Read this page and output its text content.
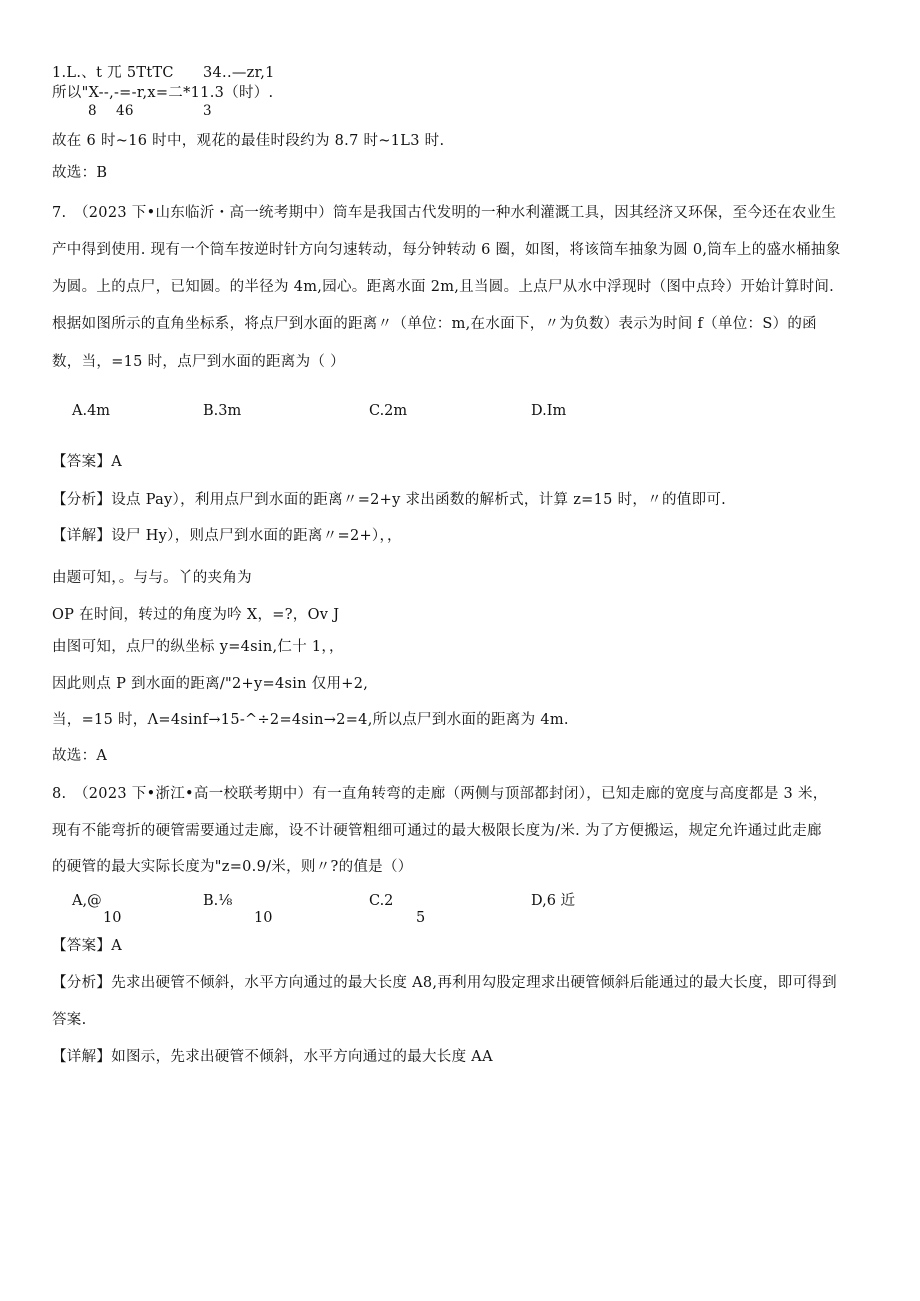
1.L.、t 兀 5TtTC 34..—zr,1
所以"X--,-=-r,x=二*11.3（时）.
8 46	3
故在 6 时~16 时中，观花的最佳时段约为 8.7 时~1L3 时.
故选：B
7.　（2023 下•山东临沂・高一统考期中）筒车是我国古代发明的一种水利灌溉工具，因其经济又环保，至今还在农业生
产中得到使用. 现有一个筒车按逆时针方向匀速转动，每分钟转动 6 圈，如图，将该筒车抽象为圆 0,筒车上的盛水桶抽象
为圆。上的点尸，已知圆。的半径为 4m,园心。距离水面 2m,且当圆。上点尸从水中浮现时（图中点玲）开始计算时间.
根据如图所示的直角坐标系，将点尸到水面的距离〃（单位：m,在水面下，〃为负数）表示为时间 f（单位：S）的函
数，当，=15 时，点尸到水面的距离为（ ）
A.4m	B.3m	C.2m	D.Im
【答案】A
【分析】设点 Pay），利用点尸到水面的距离〃=2+y 求出函数的解析式，计算 z=15 时，〃的值即可.
【详解】设尸 Hy），则点尸到水面的距离〃=2+），，
由题可知，。与与。丫的夹角为
OP 在时间，转过的角度为吟 X，=?，Ov J
由图可知，点尸的纵坐标 y=4sin,仁十 1，，
因此则点 P 到水面的距离/"2+y=4sin 仅用+2,
当，=15 时，Λ=4sinf→15-^÷2=4sin→2=4,所以点尸到水面的距离为 4m.
故选：A
8.　（2023 下•浙江•高一校联考期中）有一直角转弯的走廊（两侧与顶部都封闭），已知走廊的宽度与高度都是 3 米，
现有不能弯折的硬管需要通过走廊，设不计硬管粗细可通过的最大极限长度为/米. 为了方便搬运，规定允许通过此走廊
的硬管的最大实际长度为"z=0.9/米，则〃?的值是（）
A,@
10
B.⅛
10
C.2
5
D,6 近
【答案】A
【分析】先求出硬管不倾斜，水平方向通过的最大长度 A8,再利用勾股定理求出硬管倾斜后能通过的最大长度，即可得到
答案.
【详解】如图示，先求出硬管不倾斜，水平方向通过的最大长度 AA
